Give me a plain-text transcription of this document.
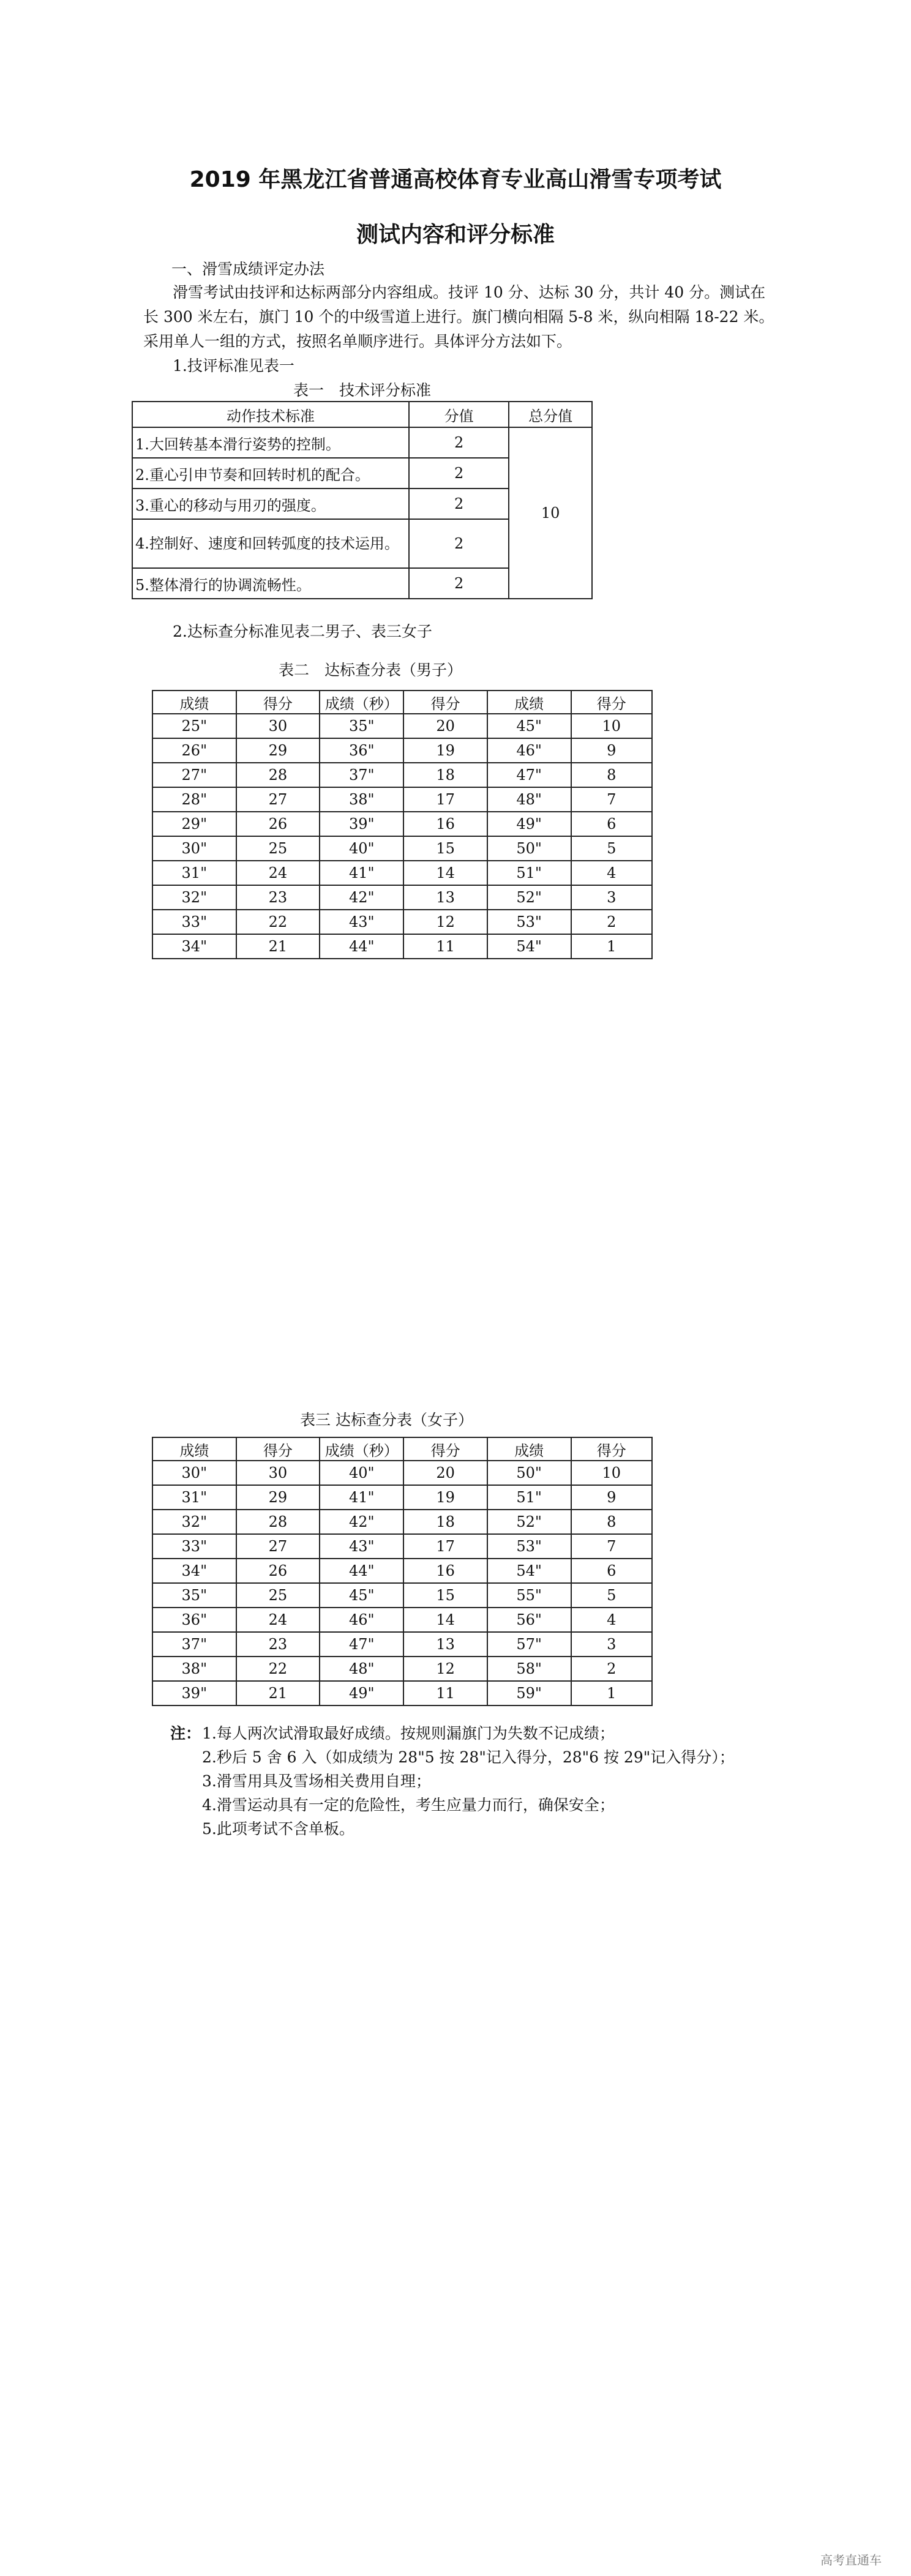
2019 年黑龙江省普通高校体育专业高山滑雪专项考试
测试内容和评分标准
一、滑雪成绩评定办法
滑雪考试由技评和达标两部分内容组成。技评 10 分、达标 30 分，共计 40 分。测试在
长 300 米左右，旗门 10 个的中级雪道上进行。旗门横向相隔 5-8 米，纵向相隔 18-22 米。
采用单人一组的方式，按照名单顺序进行。具体评分方法如下。
1.技评标准见表一
表一　技术评分标准
动作技术标准	分值	总分值
1.大回转基本滑行姿势的控制。	2	10
2.重心引申节奏和回转时机的配合。	2	
3.重心的移动与用刃的强度。	2	
4.控制好、速度和回转弧度的技术运用。	2	
5.整体滑行的协调流畅性。	2	
2.达标查分标准见表二男子、表三女子
表二　达标查分表（男子）
成绩	得分	成绩（秒）	得分	成绩	得分
25"	30	35"	20	45"	10
26"	29	36"	19	46"	9
27"	28	37"	18	47"	8
28"	27	38"	17	48"	7
29"	26	39"	16	49"	6
30"	25	40"	15	50"	5
31"	24	41"	14	51"	4
32"	23	42"	13	52"	3
33"	22	43"	12	53"	2
34"	21	44"	11	54"	1
表三 达标查分表（女子）
成绩	得分	成绩（秒）	得分	成绩	得分
30"	30	40"	20	50"	10
31"	29	41"	19	51"	9
32"	28	42"	18	52"	8
33"	27	43"	17	53"	7
34"	26	44"	16	54"	6
35"	25	45"	15	55"	5
36"	24	46"	14	56"	4
37"	23	47"	13	57"	3
38"	22	48"	12	58"	2
39"	21	49"	11	59"	1
注： 1.每人两次试滑取最好成绩。按规则漏旗门为失数不记成绩；
2.秒后 5 舍 6 入（如成绩为 28"5 按 28"记入得分，28"6 按 29"记入得分）；
3.滑雪用具及雪场相关费用自理；
4.滑雪运动具有一定的危险性，考生应量力而行，确保安全；
5.此项考试不含单板。
高考直通车
